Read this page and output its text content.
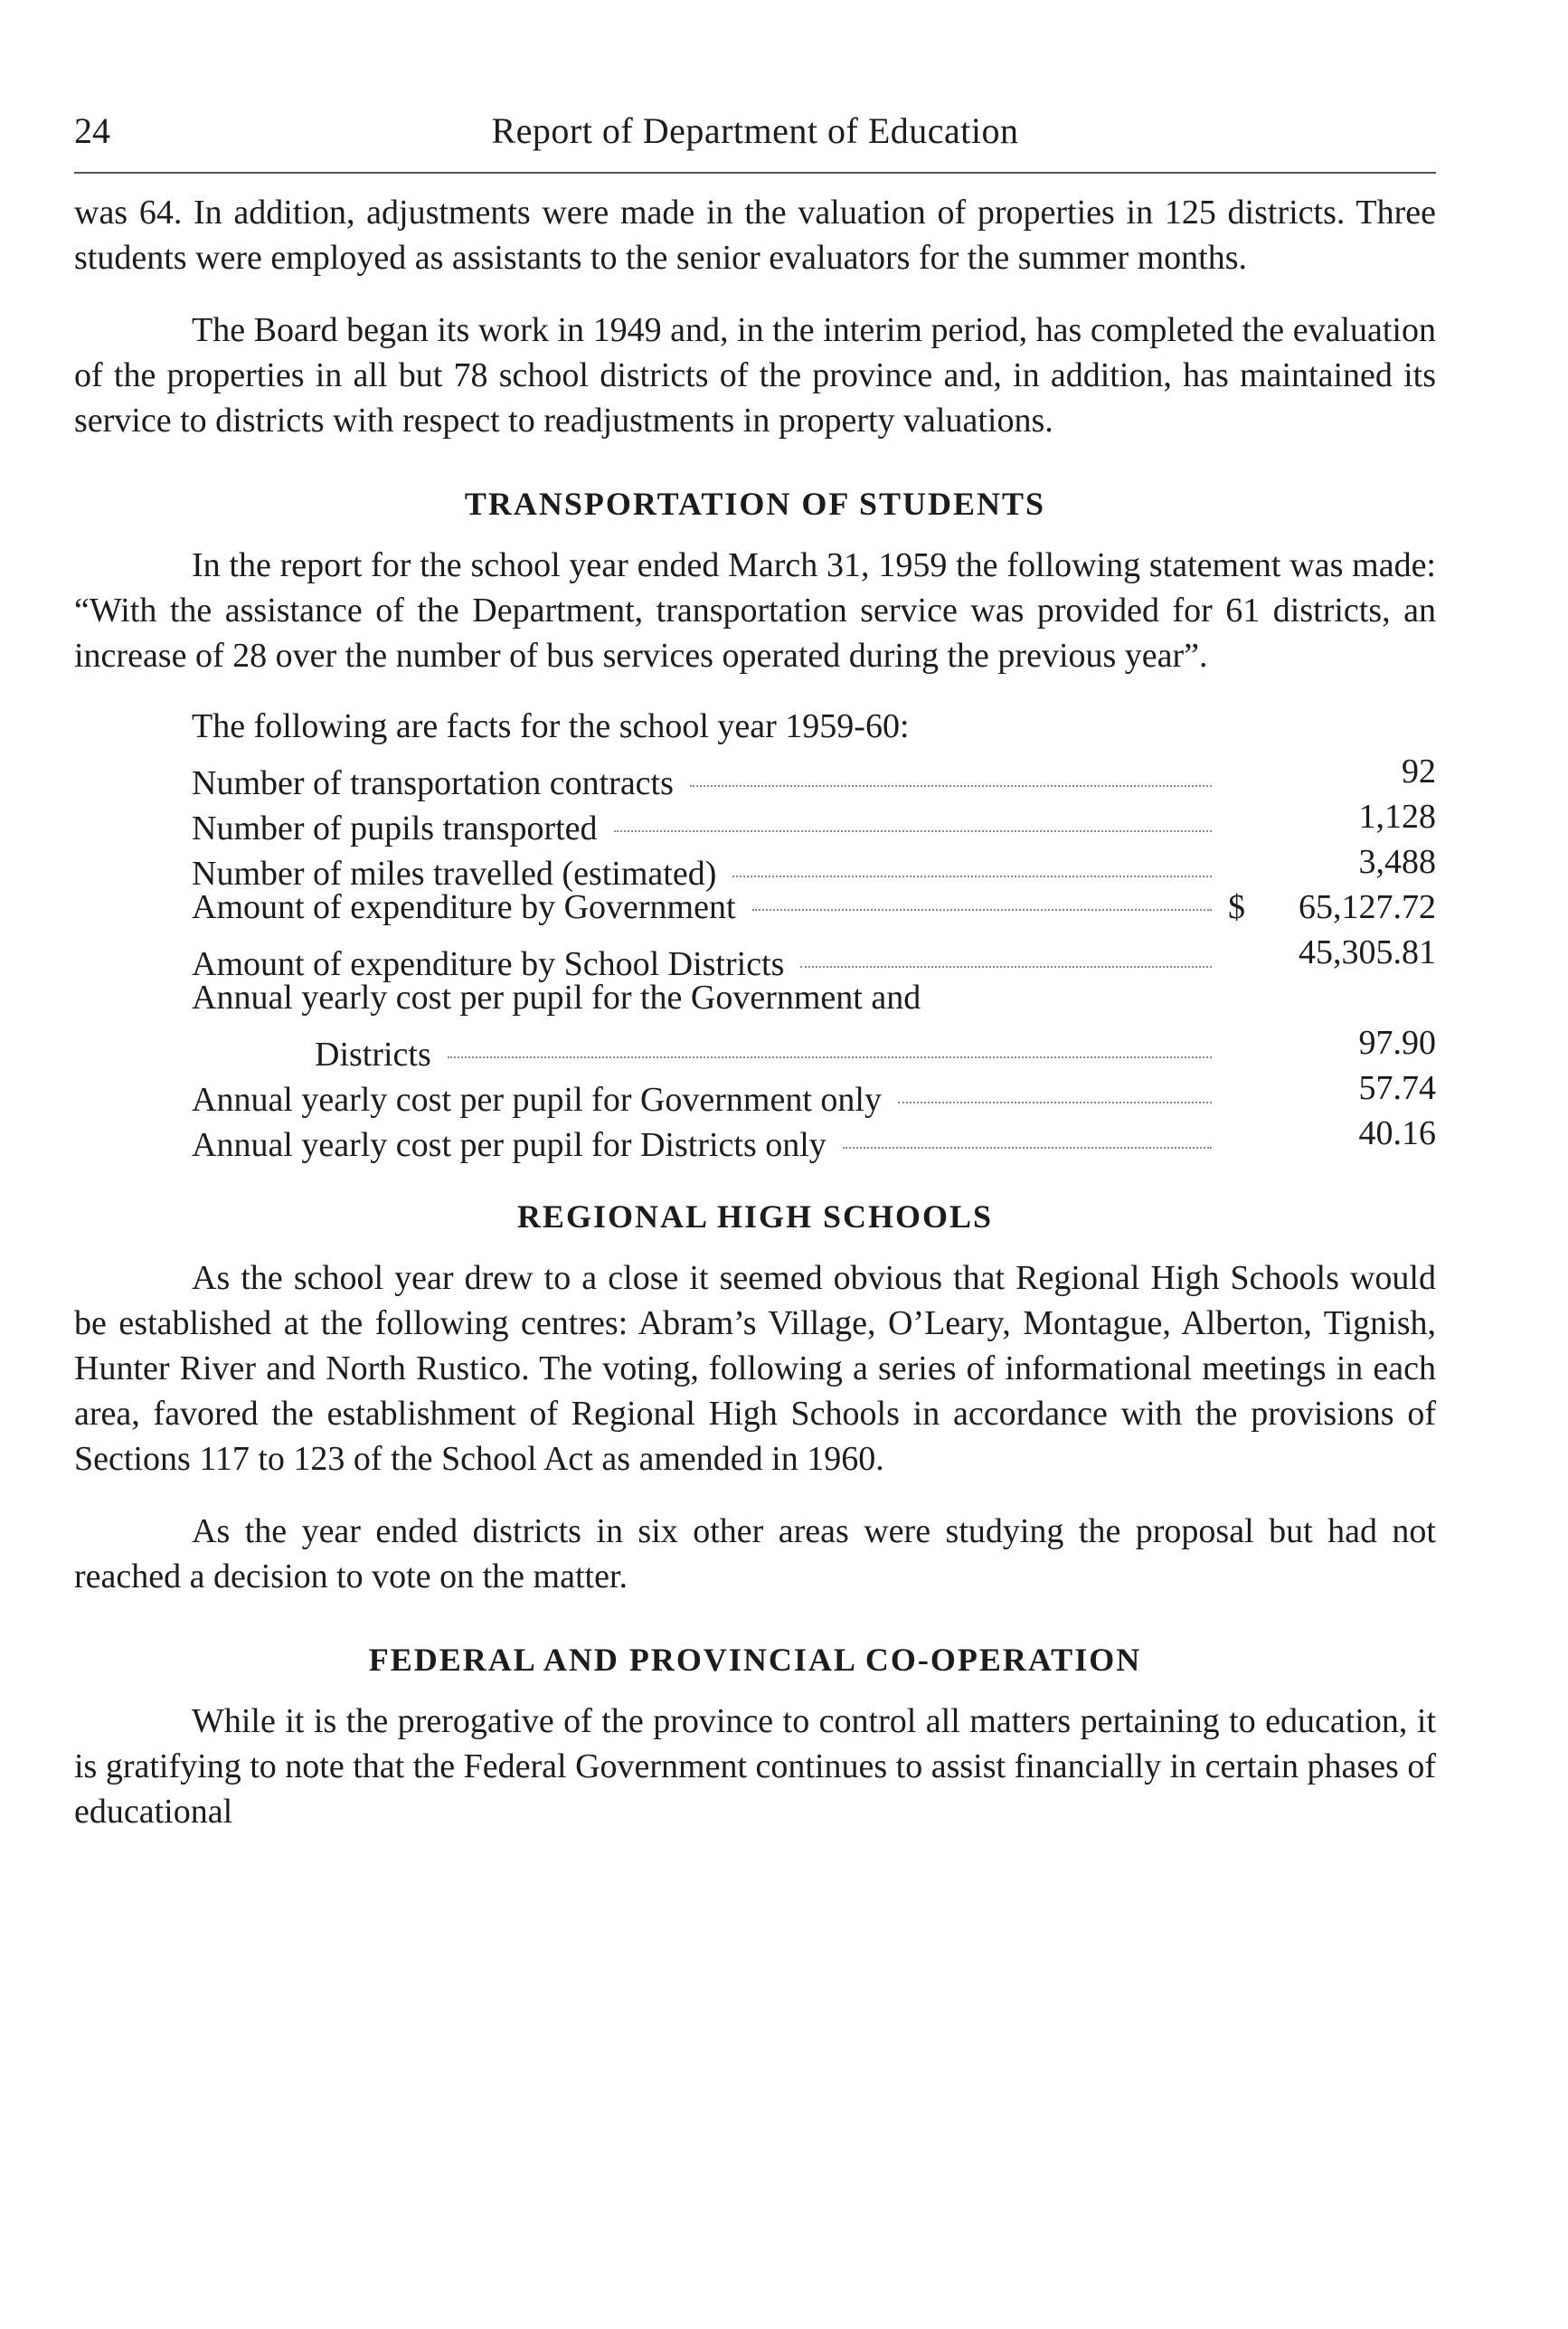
24	Report of Department of Education

was 64. In addition, adjustments were made in the valuation of properties in 125 districts. Three students were employed as assistants to the senior evaluators for the summer months.

The Board began its work in 1949 and, in the interim period, has completed the evaluation of the properties in all but 78 school districts of the province and, in addition, has maintained its service to districts with respect to readjustments in property valuations.

TRANSPORTATION OF STUDENTS

In the report for the school year ended March 31, 1959 the following statement was made: “With the assistance of the Department, transportation service was provided for 61 districts, an increase of 28 over the number of bus services operated during the previous year”.

The following are facts for the school year 1959-60:
Number of transportation contracts	92
Number of pupils transported	1,128
Number of miles travelled (estimated)	3,488
Amount of expenditure by Government	$ 65,127.72
Amount of expenditure by School Districts	45,305.81
Annual yearly cost per pupil for the Government and
Districts	97.90
Annual yearly cost per pupil for Government only	57.74
Annual yearly cost per pupil for Districts only	40.16
REGIONAL HIGH SCHOOLS

As the school year drew to a close it seemed obvious that Regional High Schools would be established at the following centres: Abram’s Village, O’Leary, Montague, Alberton, Tignish, Hunter River and North Rustico. The voting, following a series of informational meetings in each area, favored the establishment of Regional High Schools in accordance with the provisions of Sections 117 to 123 of the School Act as amended in 1960.

As the year ended districts in six other areas were studying the proposal but had not reached a decision to vote on the matter.

FEDERAL AND PROVINCIAL CO-OPERATION

While it is the prerogative of the province to control all matters pertaining to education, it is gratifying to note that the Federal Government continues to assist financially in certain phases of educational
